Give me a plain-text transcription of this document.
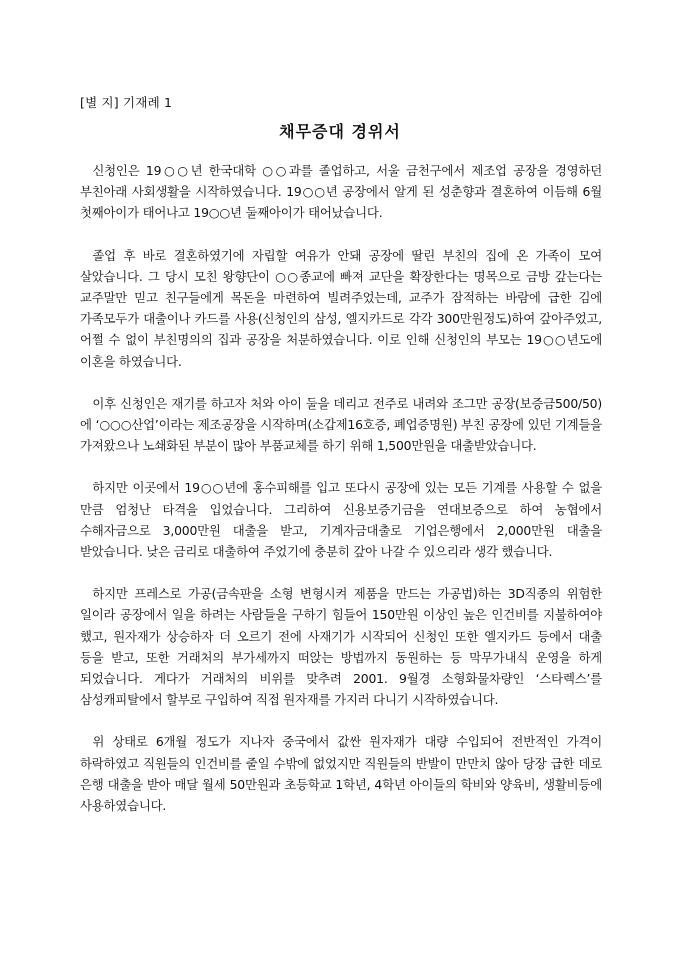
[별 지] 기재례 1
채무증대 경위서

신청인은 19○○년 한국대학 ○○과를 졸업하고, 서울 금천구에서 제조업 공장을 경영하던 부친아래 사회생활을 시작하였습니다. 19○○년 공장에서 알게 된 성춘향과 결혼하여 이듬해 6월 첫째아이가 태어나고 19○○년 둘째아이가 태어났습니다.

졸업 후 바로 결혼하였기에 자립할 여유가 안돼 공장에 딸린 부친의 집에 온 가족이 모여 살았습니다. 그 당시 모친 왕향단이 ○○종교에 빠져 교단을 확장한다는 명목으로 금방 갚는다는 교주말만 믿고 친구들에게 목돈을 마련하여 빌려주었는데, 교주가 잠적하는 바람에 급한 김에 가족모두가 대출이나 카드를 사용(신청인의 삼성, 엘지카드로 각각 300만원정도)하여 갚아주었고, 어쩔 수 없이 부친명의의 집과 공장을 처분하였습니다. 이로 인해 신청인의 부모는 19○○년도에 이혼을 하였습니다.

이후 신청인은 재기를 하고자 처와 아이 둘을 데리고 전주로 내려와 조그만 공장(보증금500/50)에 ‘○○○산업’이라는 제조공장을 시작하며(소갑제16호증, 폐업증명원) 부친 공장에 있던 기계들을 가져왔으나 노쇄화된 부분이 많아 부품교체를 하기 위해 1,500만원을 대출받았습니다.

하지만 이곳에서 19○○년에 홍수피해를 입고 또다시 공장에 있는 모든 기계를 사용할 수 없을 만큼 엄청난 타격을 입었습니다. 그리하여 신용보증기금을 연대보증으로 하여 농협에서 수해자금으로 3,000만원 대출을 받고, 기계자금대출로 기업은행에서 2,000만원 대출을 받았습니다. 낮은 금리로 대출하여 주었기에 충분히 갚아 나갈 수 있으리라 생각 했습니다.

하지만 프레스로 가공(금속판을 소형 변형시켜 제품을 만드는 가공법)하는 3D직종의 위험한 일이라 공장에서 일을 하려는 사람들을 구하기 힘들어 150만원 이상인 높은 인건비를 지불하여야 했고, 원자재가 상승하자 더 오르기 전에 사재기가 시작되어 신청인 또한 엘지카드 등에서 대출 등을 받고, 또한 거래처의 부가세까지 떠앉는 방법까지 동원하는 등 막무가내식 운영을 하게 되었습니다. 게다가 거래처의 비위를 맞추려 2001. 9월경 소형화물차량인 ‘스타렉스’를 삼성캐피탈에서 할부로 구입하여 직접 원자재를 가지러 다니기 시작하였습니다.

위 상태로 6개월 정도가 지나자 중국에서 값싼 원자재가 대량 수입되어 전반적인 가격이 하락하였고 직원들의 인건비를 줄일 수밖에 없었지만 직원들의 반발이 만만치 않아 당장 급한 데로 은행 대출을 받아 매달 월세 50만원과 초등학교 1학년, 4학년 아이들의 학비와 양육비, 생활비등에 사용하였습니다.
